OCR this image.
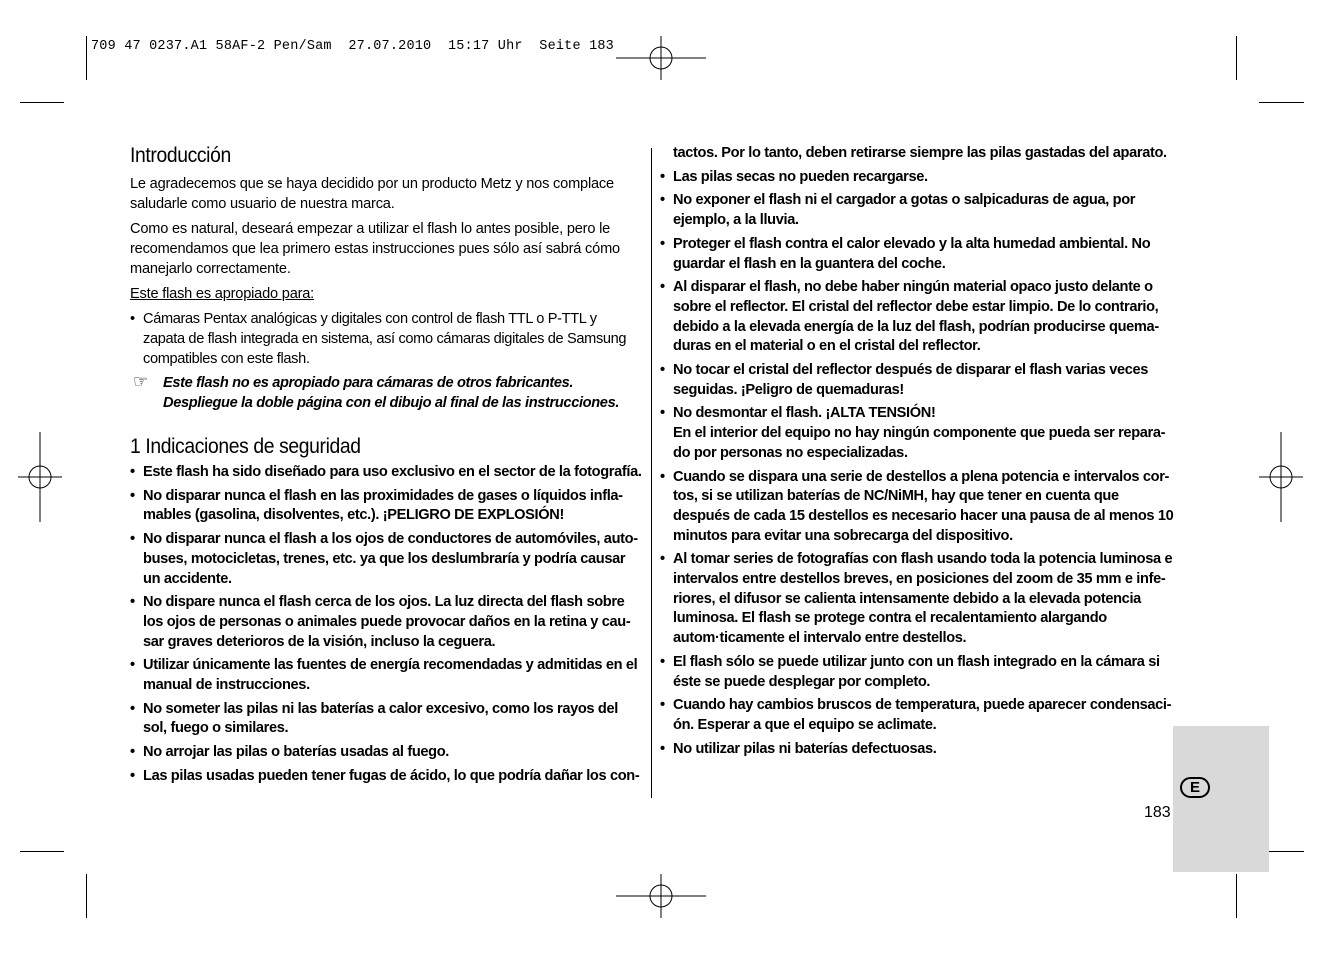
709 47 0237.A1 58AF-2 Pen/Sam  27.07.2010  15:17 Uhr  Seite 183
Introducción

Le agradecemos que se haya decidido por un producto Metz y nos complace saludarle como usuario de nuestra marca.

Como es natural, deseará empezar a utilizar el flash lo antes posible, pero le recomendamos que lea primero estas instrucciones pues sólo así sabrá cómo manejarlo correctamente.

Este flash es apropiado para:

• Cámaras Pentax analógicas y digitales con control de flash TTL o P-TTL y zapata de flash integrada en sistema, así como cámaras digitales de Samsung compatibles con este flash.
☞ Este flash no es apropiado para cámaras de otros fabricantes. Despliegue la doble página con el dibujo al final de las instrucciones.
1 Indicaciones de seguridad
• Este flash ha sido diseñado para uso exclusivo en el sector de la fotografía.
• No disparar nunca el flash en las proximidades de gases o líquidos infla-mables (gasolina, disolventes, etc.). ¡PELIGRO DE EXPLOSIÓN!
• No disparar nunca el flash a los ojos de conductores de automóviles, auto-buses, motocicletas, trenes, etc. ya que los deslumbraría y podría causar un accidente.
• No dispare nunca el flash cerca de los ojos. La luz directa del flash sobre los ojos de personas o animales puede provocar daños en la retina y cau-sar graves deterioros de la visión, incluso la ceguera.
• Utilizar únicamente las fuentes de energía recomendadas y admitidas en el manual de instrucciones.
• No someter las pilas ni las baterías a calor excesivo, como los rayos del sol, fuego o similares.
• No arrojar las pilas o baterías usadas al fuego.
• Las pilas usadas pueden tener fugas de ácido, lo que podría dañar los con-
tactos. Por lo tanto, deben retirarse siempre las pilas gastadas del aparato.
• Las pilas secas no pueden recargarse.
• No exponer el flash ni el cargador a gotas o salpicaduras de agua, por ejemplo, a la lluvia.
• Proteger el flash contra el calor elevado y la alta humedad ambiental. No guardar el flash en la guantera del coche.
• Al disparar el flash, no debe haber ningún material opaco justo delante o sobre el reflector. El cristal del reflector debe estar limpio. De lo contrario, debido a la elevada energía de la luz del flash, podrían producirse quema-duras en el material o en el cristal del reflector.
• No tocar el cristal del reflector después de disparar el flash varias veces seguidas. ¡Peligro de quemaduras!
• No desmontar el flash. ¡ALTA TENSIÓN!
En el interior del equipo no hay ningún componente que pueda ser repara-do por personas no especializadas.
• Cuando se dispara una serie de destellos a plena potencia e intervalos cor-tos, si se utilizan baterías de NC/NiMH, hay que tener en cuenta que después de cada 15 destellos es necesario hacer una pausa de al menos 10 minutos para evitar una sobrecarga del dispositivo.
• Al tomar series de fotografías con flash usando toda la potencia luminosa e intervalos entre destellos breves, en posiciones del zoom de 35 mm e infe-riores, el difusor se calienta intensamente debido a la elevada potencia luminosa. El flash se protege contra el recalentamiento alargando autom·ticamente el intervalo entre destellos.
• El flash sólo se puede utilizar junto con un flash integrado en la cámara si éste se puede desplegar por completo.
• Cuando hay cambios bruscos de temperatura, puede aparecer condensaci-ón. Esperar a que el equipo se aclimate.
• No utilizar pilas ni baterías defectuosas.
E
183
